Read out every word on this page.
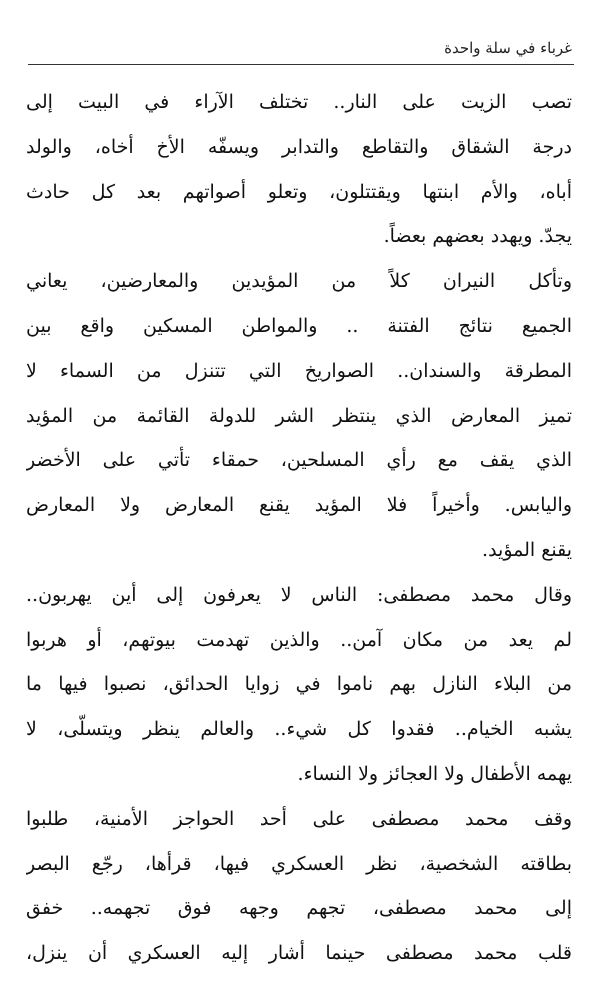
غرباء في سلة واحدة
تصب الزيت على النار.. تختلف الآراء في البيت إلى
درجة الشقاق والتقاطع والتدابر ويسفّه الأخ أخاه، والولد
أباه، والأم ابنتها ويقتتلون، وتعلو أصواتهم بعد كل حادث
يجدّ. ويهدد بعضهم بعضاً.
وتأكل النيران كلاً من المؤيدين والمعارضين، يعاني
الجميع نتائج الفتنة .. والمواطن المسكين واقع بين
المطرقة والسندان.. الصواريخ التي تتنزل من السماء لا
تميز المعارض الذي ينتظر الشر للدولة القائمة من المؤيد
الذي يقف مع رأي المسلحين، حمقاء تأتي على الأخضر
واليابس. وأخيراً فلا المؤيد يقنع المعارض ولا المعارض
يقنع المؤيد.
وقال محمد مصطفى: الناس لا يعرفون إلى أين يهربون..
لم يعد من مكان آمن.. والذين تهدمت بيوتهم، أو هربوا
من البلاء النازل بهم ناموا في زوايا الحدائق، نصبوا فيها ما
يشبه الخيام.. فقدوا كل شيء.. والعالم ينظر ويتسلّى، لا
يهمه الأطفال ولا العجائز ولا النساء.
وقف محمد مصطفى على أحد الحواجز الأمنية، طلبوا
بطاقته الشخصية، نظر العسكري فيها، قرأها، رجّع البصر
إلى محمد مصطفى، تجهم وجهه فوق تجهمه.. خفق
قلب محمد مصطفى حينما أشار إليه العسكري أن ينزل،
